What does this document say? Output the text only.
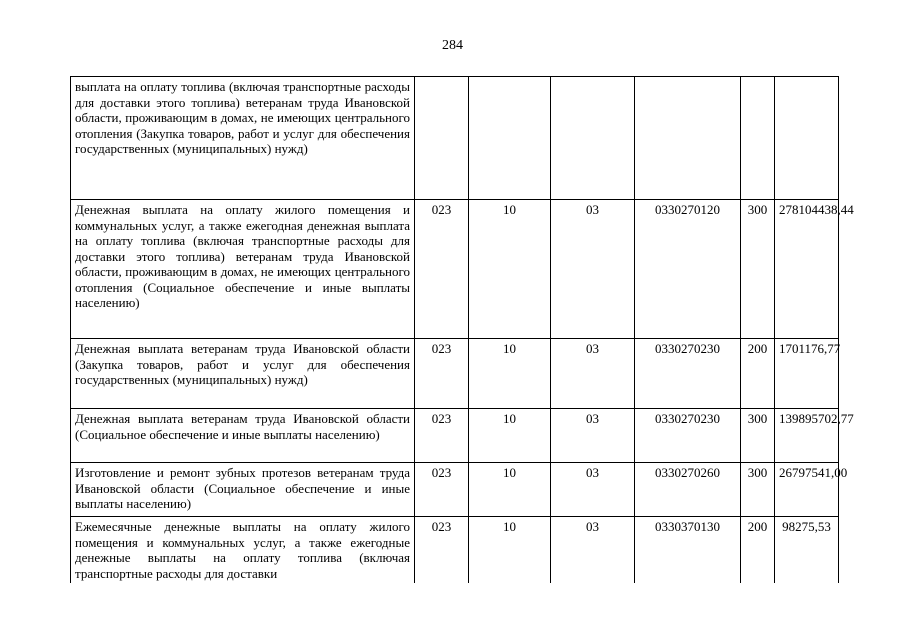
284
выплата на оплату топлива (включая транспортные расходы для доставки этого топлива) ветеранам труда Ивановской области, проживающим в домах, не имеющих центрального отопления (Закупка товаров, работ и услуг для обеспечения государственных (муниципальных) нужд)						
Денежная выплата на оплату жилого помещения и коммунальных услуг, а также ежегодная денежная выплата на оплату топлива (включая транспортные расходы для доставки этого топлива) ветеранам труда Ивановской области, проживающим в домах, не имеющих центрального отопления (Социальное обеспечение и иные выплаты населению)	023	10	03	0330270120	300	278104438,44
Денежная выплата ветеранам труда Ивановской области (Закупка товаров, работ и услуг для обеспечения государственных (муниципальных) нужд)	023	10	03	0330270230	200	1701176,77
Денежная выплата ветеранам труда Ивановской области (Социальное обеспечение и иные выплаты населению)	023	10	03	0330270230	300	139895702,77
Изготовление и ремонт зубных протезов ветеранам труда Ивановской области (Социальное обеспечение и иные выплаты населению)	023	10	03	0330270260	300	26797541,00
Ежемесячные денежные выплаты на оплату жилого помещения и коммунальных услуг, а также ежегодные денежные выплаты на оплату топлива (включая транспортные расходы для доставки	023	10	03	0330370130	200	98275,53
